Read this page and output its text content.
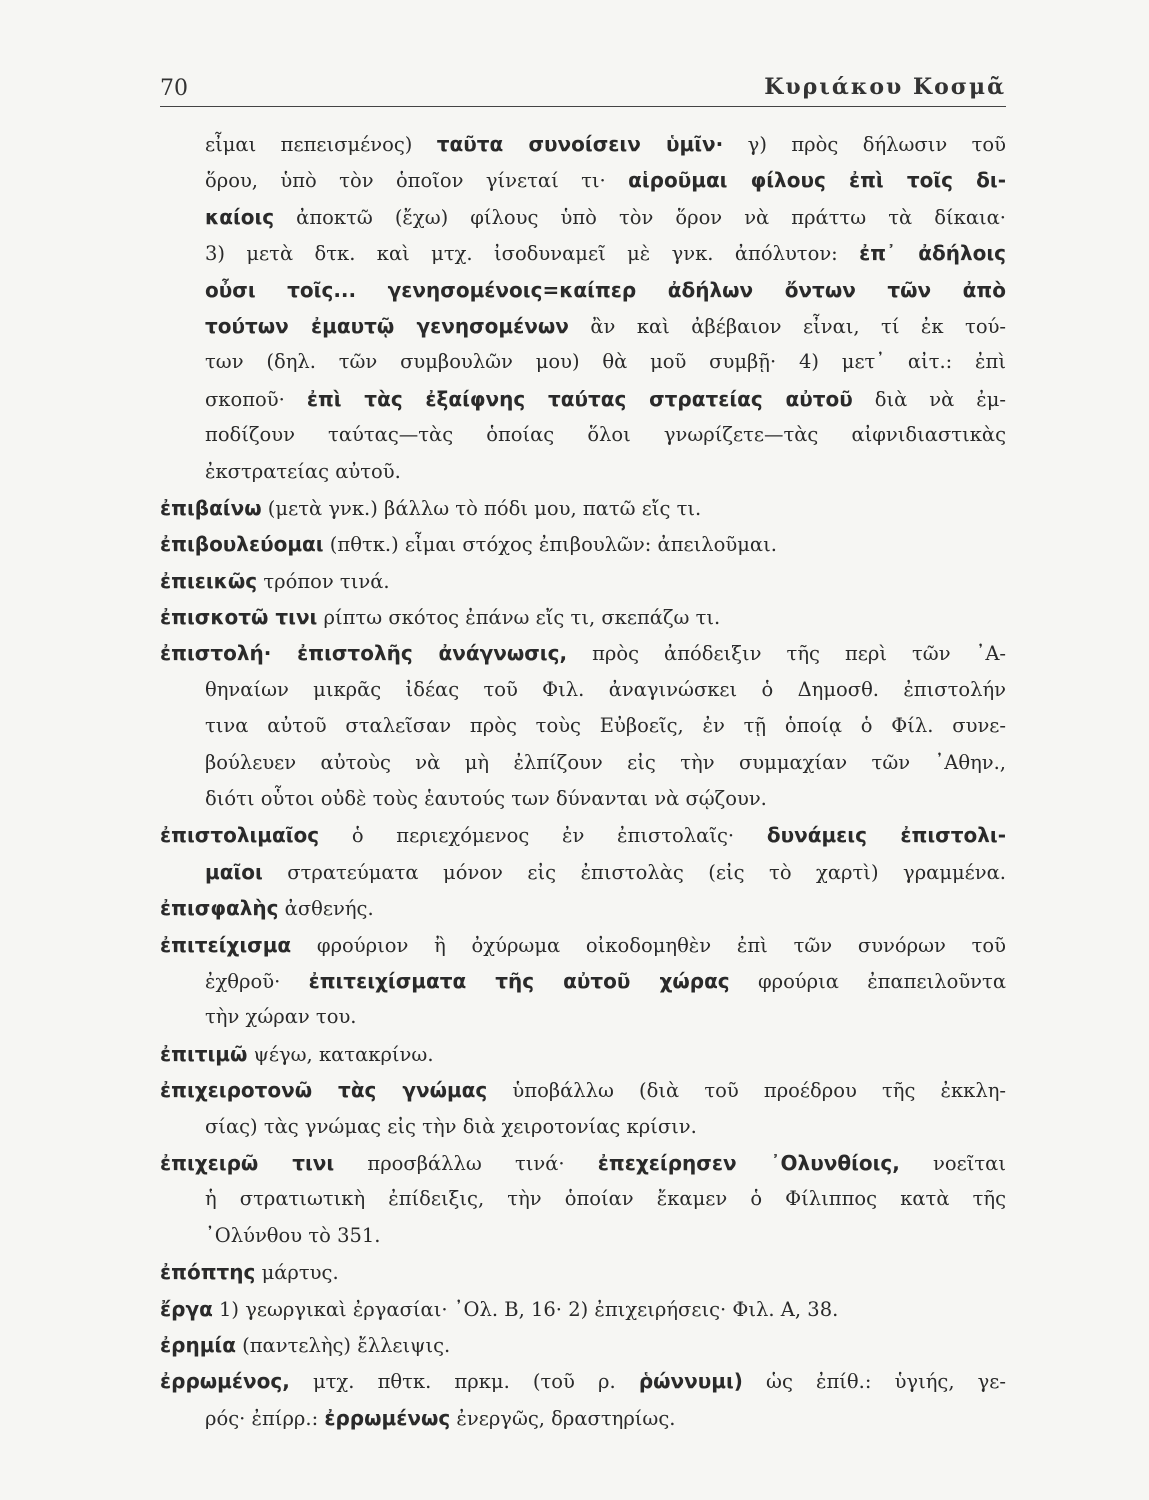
70	Κυριάκου Κοσμᾶ
εἶμαι πεπεισμένος) ταῦτα συνοίσειν ὑμῖν· γ) πρὸς δήλωσιν τοῦ
ὅρου, ὑπὸ τὸν ὁποῖον γίνεταί τι· αἱροῦμαι φίλους ἐπὶ τοῖς δι-
καίοις ἀποκτῶ (ἔχω) φίλους ὑπὸ τὸν ὅρον νὰ πράττω τὰ δίκαια·
3) μετὰ δτκ. καὶ μτχ. ἰσοδυναμεῖ μὲ γνκ. ἀπόλυτον: ἐπ᾽ ἀδήλοις
οὖσι τοῖς... γενησομένοις=καίπερ ἀδήλων ὄντων τῶν ἀπὸ
τούτων ἐμαυτῷ γενησομένων ἂν καὶ ἀβέβαιον εἶναι, τί ἐκ τού-
των (δηλ. τῶν συμβουλῶν μου) θὰ μοῦ συμβῇ· 4) μετ᾽ αἰτ.: ἐπὶ
σκοποῦ· ἐπὶ τὰς ἐξαίφνης ταύτας στρατείας αὐτοῦ διὰ νὰ ἐμ-
ποδίζουν ταύτας—τὰς ὁποίας ὅλοι γνωρίζετε—τὰς αἰφνιδιαστικὰς
ἐκστρατείας αὐτοῦ.
ἐπιβαίνω (μετὰ γνκ.) βάλλω τὸ πόδι μου, πατῶ εἴς τι.
ἐπιβουλεύομαι (πθτκ.) εἶμαι στόχος ἐπιβουλῶν: ἀπειλοῦμαι.
ἐπιεικῶς τρόπον τινά.
ἐπισκοτῶ τινι ρίπτω σκότος ἐπάνω εἴς τι, σκεπάζω τι.
ἐπιστολή· ἐπιστολῆς ἀνάγνωσις, πρὸς ἀπόδειξιν τῆς περὶ τῶν ᾽Α-
θηναίων μικρᾶς ἰδέας τοῦ Φιλ. ἀναγινώσκει ὁ Δημοσθ. ἐπιστολήν
τινα αὐτοῦ σταλεῖσαν πρὸς τοὺς Εὐβοεῖς, ἐν τῇ ὁποίᾳ ὁ Φίλ. συνε-
βούλευεν αὐτοὺς νὰ μὴ ἐλπίζουν εἰς τὴν συμμαχίαν τῶν ᾽Αθην.,
διότι οὗτοι οὐδὲ τοὺς ἑαυτούς των δύνανται νὰ σῴζουν.
ἐπιστολιμαῖος ὁ περιεχόμενος ἐν ἐπιστολαῖς· δυνάμεις ἐπιστολι-
μαῖοι στρατεύματα μόνον εἰς ἐπιστολὰς (εἰς τὸ χαρτὶ) γραμμένα.
ἐπισφαλὴς ἀσθενής.
ἐπιτείχισμα φρούριον ἢ ὀχύρωμα οἰκοδομηθὲν ἐπὶ τῶν συνόρων τοῦ
ἐχθροῦ· ἐπιτειχίσματα τῆς αὐτοῦ χώρας φρούρια ἐπαπειλοῦντα
τὴν χώραν του.
ἐπιτιμῶ ψέγω, κατακρίνω.
ἐπιχειροτονῶ τὰς γνώμας ὑποβάλλω (διὰ τοῦ προέδρου τῆς ἐκκλη-
σίας) τὰς γνώμας εἰς τὴν διὰ χειροτονίας κρίσιν.
ἐπιχειρῶ τινι προσβάλλω τινά· ἐπεχείρησεν ᾽Ολυνθίοις, νοεῖται
ἡ στρατιωτικὴ ἐπίδειξις, τὴν ὁποίαν ἔκαμεν ὁ Φίλιππος κατὰ τῆς
᾽Ολύνθου τὸ 351.
ἐπόπτης μάρτυς.
ἔργα 1) γεωργικαὶ ἐργασίαι· ᾽Ολ. Β, 16· 2) ἐπιχειρήσεις· Φιλ. Α, 38.
ἐρημία (παντελὴς) ἔλλειψις.
ἐρρωμένος, μτχ. πθτκ. πρκμ. (τοῦ ρ. ῥώννυμι) ὡς ἐπίθ.: ὑγιής, γε-
ρός· ἐπίρρ.: ἐρρωμένως ἐνεργῶς, δραστηρίως.
